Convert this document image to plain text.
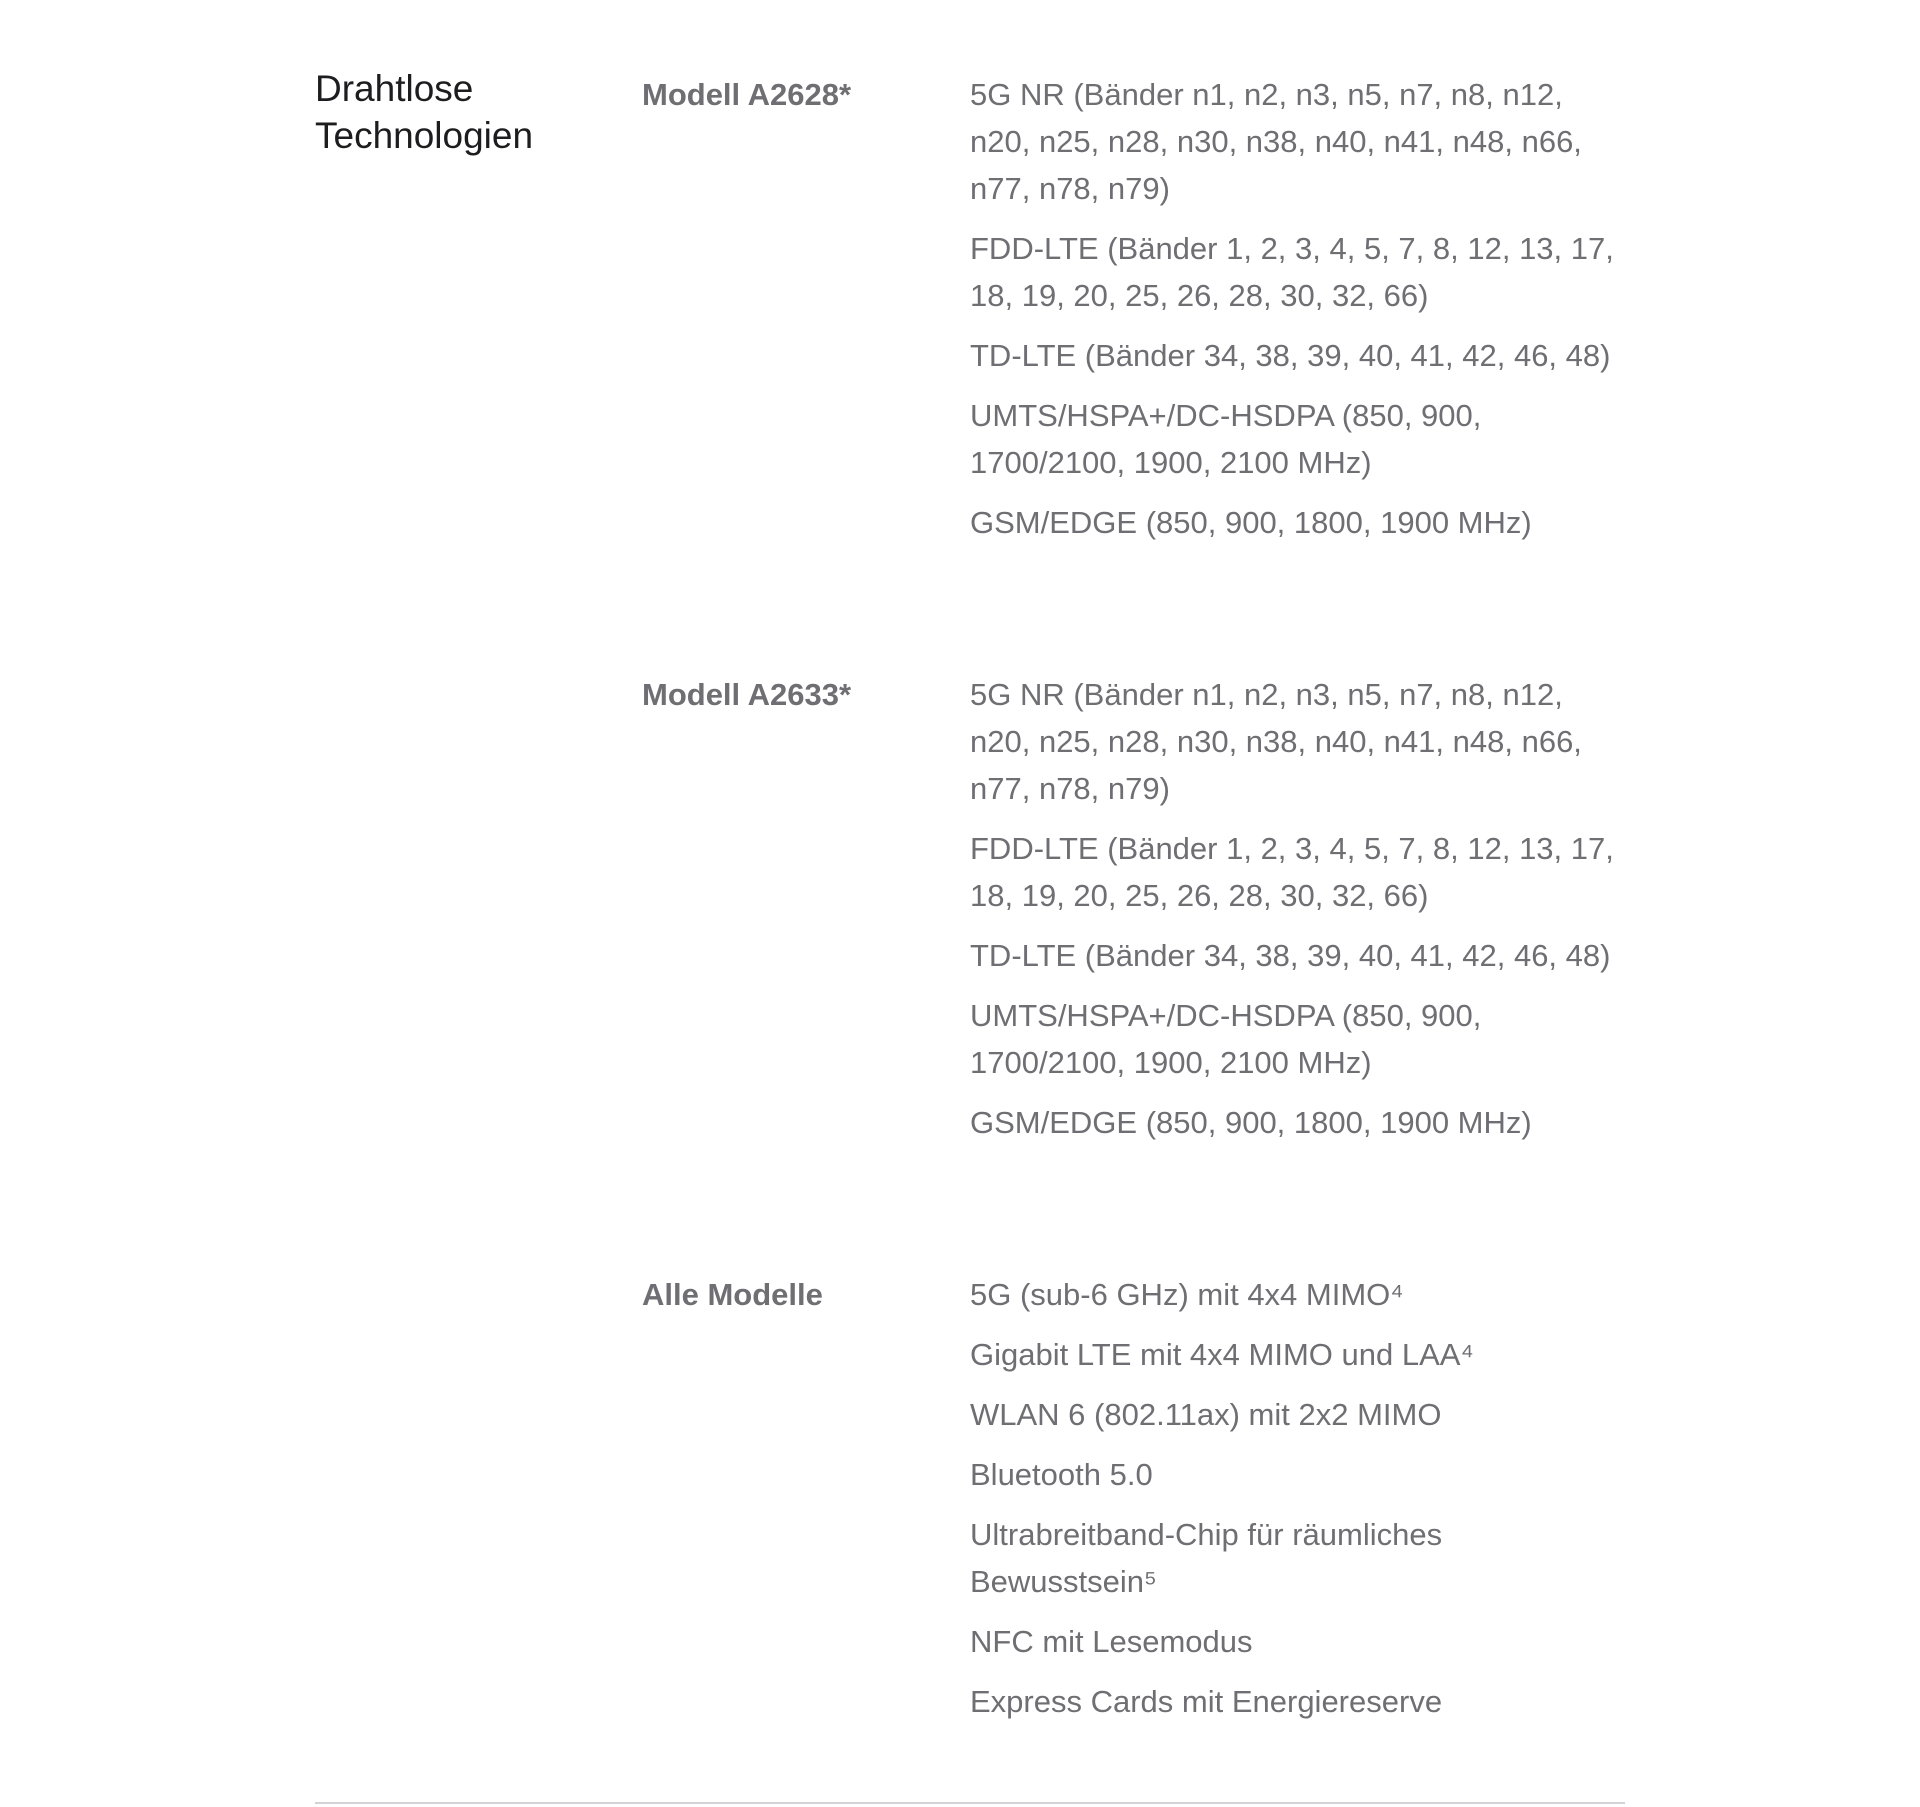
Drahtlose
Technologien
Modell A2628*	5G NR (Bänder n1, n2, n3, n5, n7, n8, n12, n20, n25, n28, n30, n38, n40, n41, n48, n66, n77, n78, n79)
FDD-LTE (Bänder 1, 2, 3, 4, 5, 7, 8, 12, 13, 17, 18, 19, 20, 25, 26, 28, 30, 32, 66)
TD-LTE (Bänder 34, 38, 39, 40, 41, 42, 46, 48)
UMTS/HSPA+/DC-HSDPA (850, 900, 1700/2100, 1900, 2100 MHz)
GSM/EDGE (850, 900, 1800, 1900 MHz)
Modell A2633*	5G NR (Bänder n1, n2, n3, n5, n7, n8, n12, n20, n25, n28, n30, n38, n40, n41, n48, n66, n77, n78, n79)
FDD-LTE (Bänder 1, 2, 3, 4, 5, 7, 8, 12, 13, 17, 18, 19, 20, 25, 26, 28, 30, 32, 66)
TD-LTE (Bänder 34, 38, 39, 40, 41, 42, 46, 48)
UMTS/HSPA+/DC-HSDPA (850, 900, 1700/2100, 1900, 2100 MHz)
GSM/EDGE (850, 900, 1800, 1900 MHz)
Alle Modelle	5G (sub-6 GHz) mit 4x4 MIMO⁴
Gigabit LTE mit 4x4 MIMO und LAA⁴
WLAN 6 (802.11ax) mit 2x2 MIMO
Bluetooth 5.0
Ultrabreitband-Chip für räumliches Bewusstsein⁵
NFC mit Lesemodus
Express Cards mit Energiereserve
